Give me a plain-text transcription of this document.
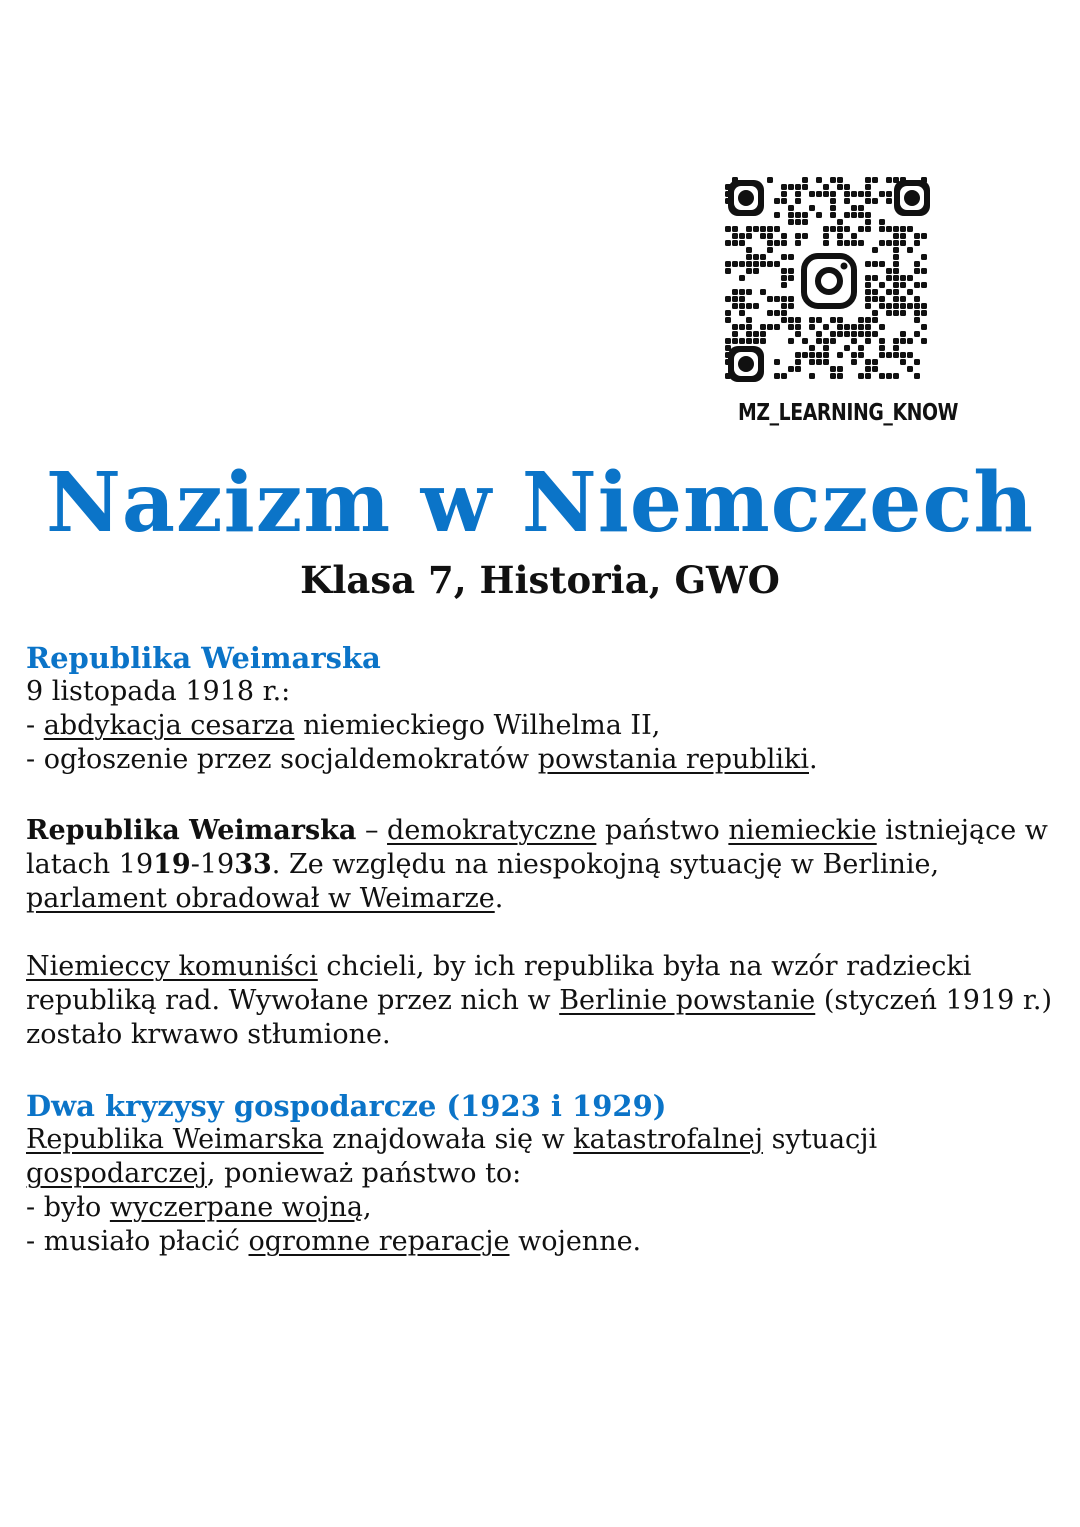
MZ_LEARNING_KNOW
Nazizm w Niemczech
Klasa 7, Historia, GWO

Republika Weimarska

9 listopada 1918 r.:

- abdykacja cesarza niemieckiego Wilhelma II,

- ogłoszenie przez socjaldemokratów powstania republiki.

Republika Weimarska – demokratyczne państwo niemieckie istniejące w latach 1919-1933. Ze względu na niespokojną sytuację w Berlinie, parlament obradował w Weimarze.

Niemieccy komuniści chcieli, by ich republika była na wzór radziecki republiką rad. Wywołane przez nich w Berlinie powstanie (styczeń 1919 r.) zostało krwawo stłumione.

Dwa kryzysy gospodarcze (1923 i 1929)

Republika Weimarska znajdowała się w katastrofalnej sytuacji gospodarczej, ponieważ państwo to:

- było wyczerpane wojną,

- musiało płacić ogromne reparacje wojenne.
